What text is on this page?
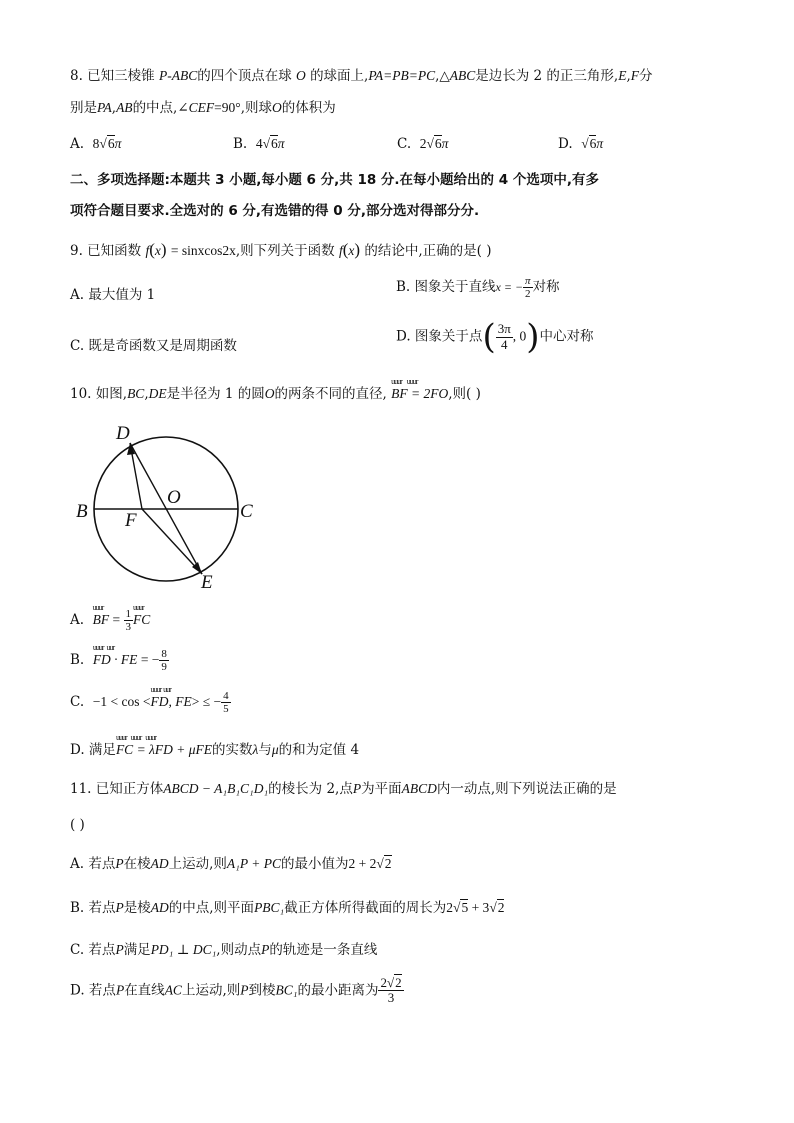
8. 已知三棱锥 P-ABC的四个顶点在球 O 的球面上,PA=PB=PC,△ABC是边长为 2 的正三角形,E,F分
别是PA,AB的中点,∠CEF=90°,则球O的体积为
A. 8√6π	B. 4√6π	C. 2√6π	D. √6π
二、多项选择题:本题共 3 小题,每小题 6 分,共 18 分.在每小题给出的 4 个选项中,有多
项符合题目要求.全选对的 6 分,有选错的得 0 分,部分选对得部分分.
9. 已知函数 f(x) = sinxcos2x,则下列关于函数 f(x) 的结论中,正确的是( )
A. 最大值为 1	B. 图象关于直线x = − $\frac{\pi}{2}$ 对称
C. 既是奇函数又是周期函数
D. 图象关于点( $\frac{3\pi}{4}$ , 0)中心对称
10. 如图,BC,DE是半径为 1 的圆O的两条不同的直径,
uuur     uuur
BF = 2FO,则( )
D
O
B F	C
E
A.
uuur
BF = $\frac{1}{3}$
uuur
FC
B.
uuur   uur
FD · FE = − $\frac{8}{9}$
C. −1 < cos <
uuur  uur
FD, FE> ≤ − $\frac{4}{5}$
D. 满足
uuur    uuur    uuur
FC = λFD + μFE的实数λ与μ的和为定值 4
11. 已知正方体ABCD − A₁B₁C₁D₁的棱长为 2,点P为平面ABCD内一动点,则下列说法正确的是
( )
A. 若点P在棱AD上运动,则A₁P + PC的最小值为2 + 2√2
B. 若点P是棱AD的中点,则平面PBC₁截正方体所得截面的周长为2√5 + 3√2
C. 若点P满足PD₁ ⊥ DC₁,则动点P的轨迹是一条直线
D. 若点P在直线AC上运动,则P到棱BC₁的最小距离为 $\frac{2√2}{3}$
